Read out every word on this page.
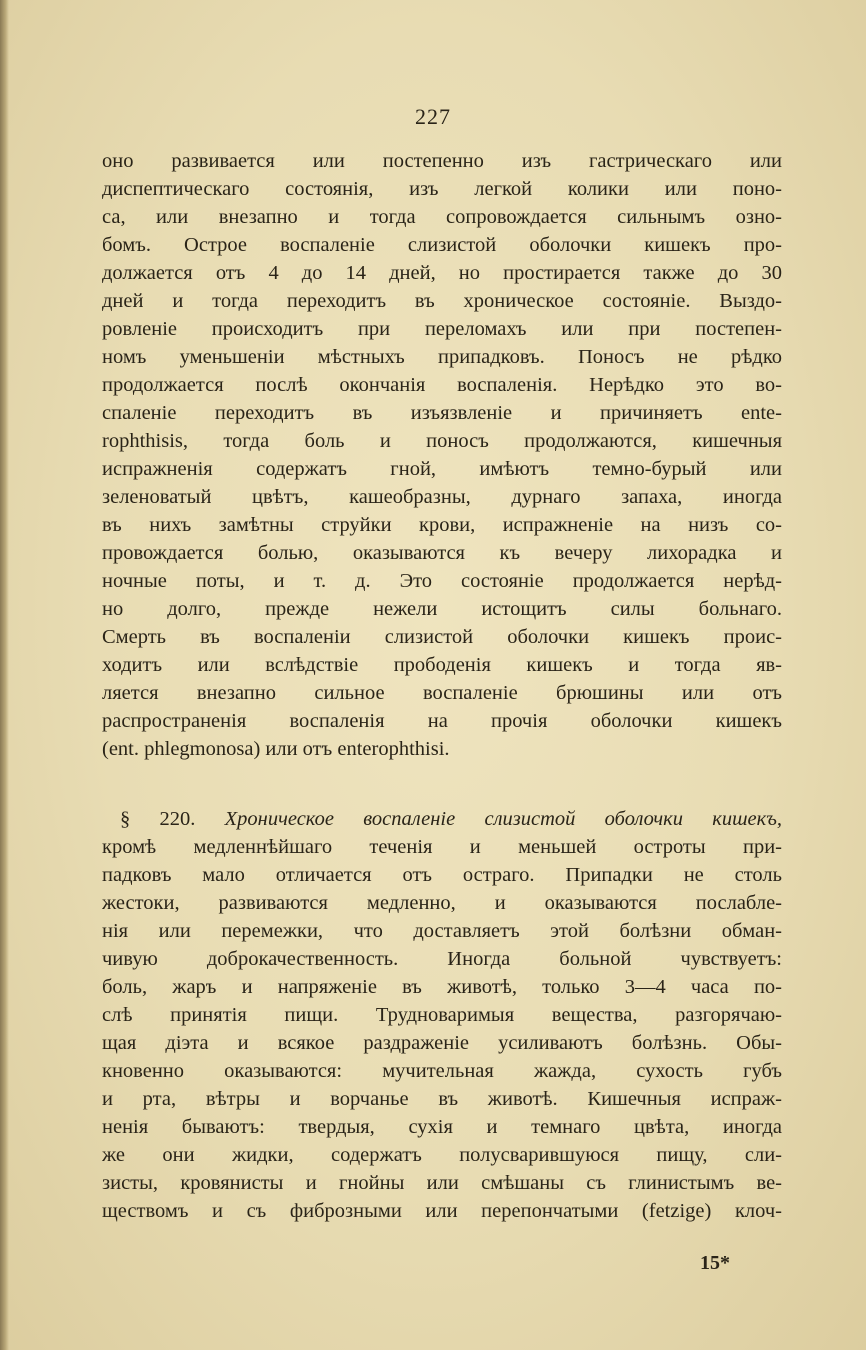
227
оно развивается или постепенно изъ гастрическаго или
диспептическаго состоянія, изъ легкой колики или поно-
са, или внезапно и тогда сопровождается сильнымъ озно-
бомъ. Острое воспаленіе слизистой оболочки кишекъ про-
должается отъ 4 до 14 дней, но простирается также до 30
дней и тогда переходитъ въ хроническое состояніе. Выздо-
ровленіе происходитъ при переломахъ или при постепен-
номъ уменьшеніи мѣстныхъ припадковъ. Поносъ не рѣдко
продолжается послѣ окончанія воспаленія. Нерѣдко это во-
спаленіе переходитъ въ изъязвленіе и причиняетъ ente-
rophthisis, тогда боль и поносъ продолжаются, кишечныя
испражненія содержатъ гной, имѣютъ темно-бурый или
зеленоватый цвѣтъ, кашеобразны, дурнаго запаха, иногда
въ нихъ замѣтны струйки крови, испражненіе на низъ со-
провождается болью, оказываются къ вечеру лихорадка и
ночные поты, и т. д. Это состояніе продолжается нерѣд-
но долго, прежде нежели истощитъ силы больнаго.
Смерть въ воспаленіи слизистой оболочки кишекъ проис-
ходитъ или вслѣдствіе прободенія кишекъ и тогда яв-
ляется внезапно сильное воспаленіе брюшины или отъ
распространенія воспаленія на прочія оболочки кишекъ
(ent. phlegmonosa) или отъ enterophthisi.
§ 220. Хроническое воспаленіе слизистой оболочки кишекъ,
кромѣ медленнѣйшаго теченія и меньшей остроты при-
падковъ мало отличается отъ остраго. Припадки не столь
жестоки, развиваются медленно, и оказываются послабле-
нія или перемежки, что доставляетъ этой болѣзни обман-
чивую доброкачественность. Иногда больной чувствуетъ:
боль, жаръ и напряженіе въ животѣ, только 3—4 часа по-
слѣ принятія пищи. Трудноваримыя вещества, разгорячаю-
щая діэта и всякое раздраженіе усиливаютъ болѣзнь. Обы-
кновенно оказываются: мучительная жажда, сухость губъ
и рта, вѣтры и ворчанье въ животѣ. Кишечныя испраж-
ненія бываютъ: твердыя, сухія и темнаго цвѣта, иногда
же они жидки, содержатъ полусварившуюся пищу, сли-
зисты, кровянисты и гнойны или смѣшаны съ глинистымъ ве-
ществомъ и съ фиброзными или перепончатыми (fetzige) клоч-
15*
